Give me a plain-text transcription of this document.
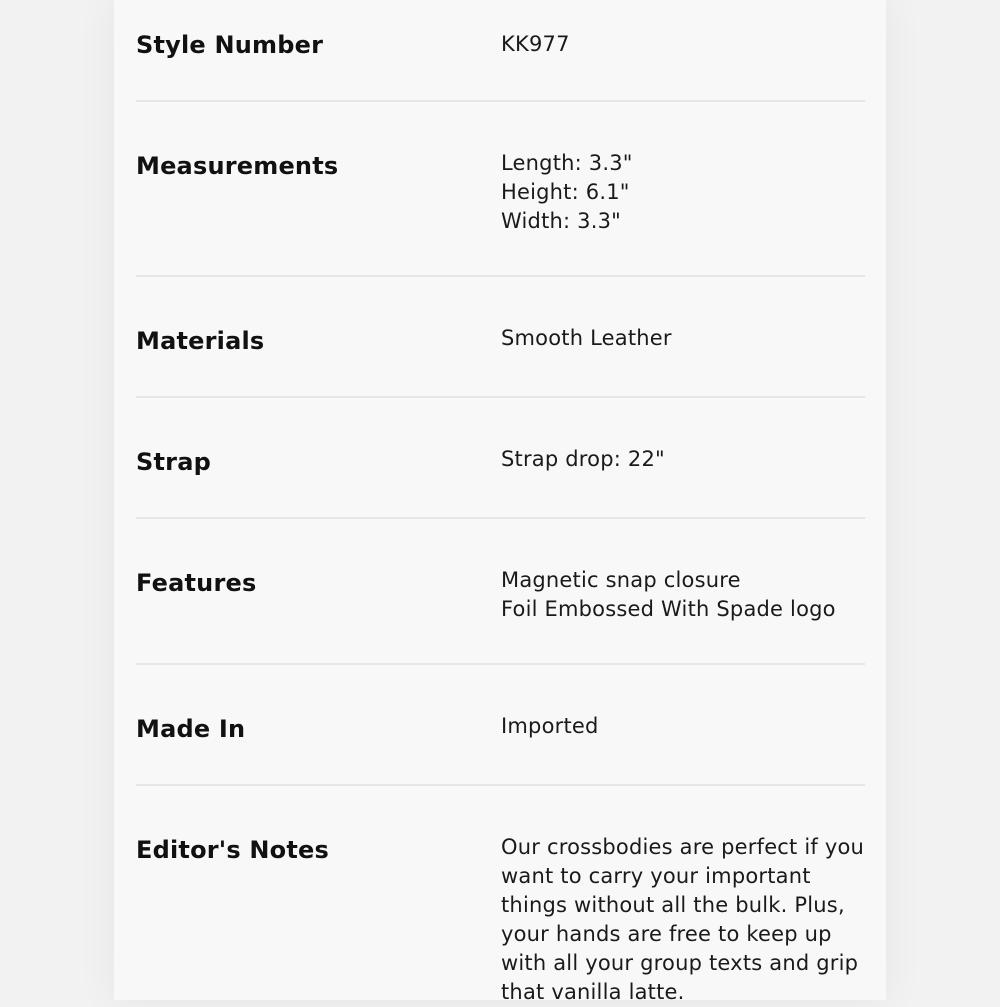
Style Number	KK977
Measurements	Length: 3.3"
Height: 6.1"
Width: 3.3"
Materials	Smooth Leather
Strap	Strap drop: 22"
Features	Magnetic snap closure
Foil Embossed With Spade logo
Made In	Imported
Editor's Notes	Our crossbodies are perfect if you want to carry your important things without all the bulk. Plus, your hands are free to keep up with all your group texts and grip that vanilla latte.
